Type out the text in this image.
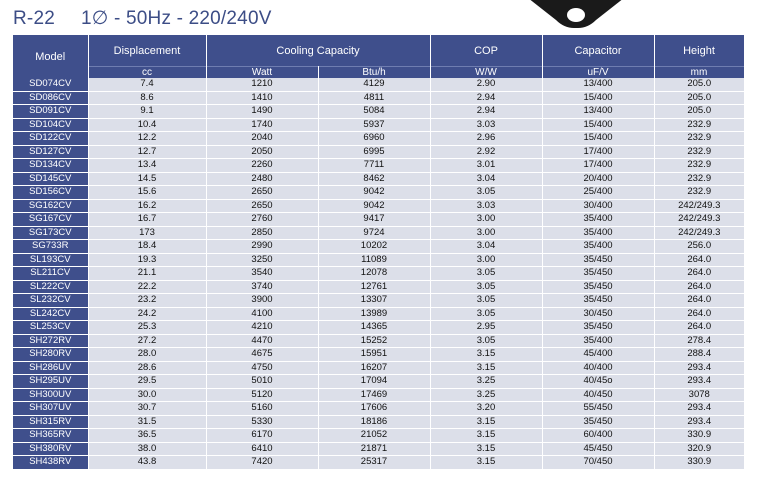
R-22 1∅ - 50Hz - 220/240V
Model	Displacement	Cooling Capacity		COP	Capacitor	Height
	cc	Watt	Btu/h	W/W	uF/V	mm
SD074CV	7.4	1210	4129	2.90	13/400	205.0
SD086CV	8.6	1410	4811	2.94	15/400	205.0
SD091CV	9.1	1490	5084	2.94	13/400	205.0
SD104CV	10.4	1740	5937	3.03	15/400	232.9
SD122CV	12.2	2040	6960	2.96	15/400	232.9
SD127CV	12.7	2050	6995	2.92	17/400	232.9
SD134CV	13.4	2260	7711	3.01	17/400	232.9
SD145CV	14.5	2480	8462	3.04	20/400	232.9
SD156CV	15.6	2650	9042	3.05	25/400	232.9
SG162CV	16.2	2650	9042	3.03	30/400	242/249.3
SG167CV	16.7	2760	9417	3.00	35/400	242/249.3
SG173CV	173	2850	9724	3.00	35/400	242/249.3
SG733R	18.4	2990	10202	3.04	35/400	256.0
SL193CV	19.3	3250	11089	3.00	35/450	264.0
SL211CV	21.1	3540	12078	3.05	35/450	264.0
SL222CV	22.2	3740	12761	3.05	35/450	264.0
SL232CV	23.2	3900	13307	3.05	35/450	264.0
SL242CV	24.2	4100	13989	3.05	30/450	264.0
SL253CV	25.3	4210	14365	2.95	35/450	264.0
SH272RV	27.2	4470	15252	3.05	35/400	278.4
SH280RV	28.0	4675	15951	3.15	45/400	288.4
SH286UV	28.6	4750	16207	3.15	40/400	293.4
SH295UV	29.5	5010	17094	3.25	40/45o	293.4
SH300UV	30.0	5120	17469	3.25	40/450	3078
SH307UV	30.7	5160	17606	3.20	55/450	293.4
SH315RV	31.5	5330	18186	3.15	35/450	293.4
SH365RV	36.5	6170	21052	3.15	60/400	330.9
SH380RV	38.0	6410	21871	3.15	45/450	320.9
SH438RV	43.8	7420	25317	3.15	70/450	330.9
